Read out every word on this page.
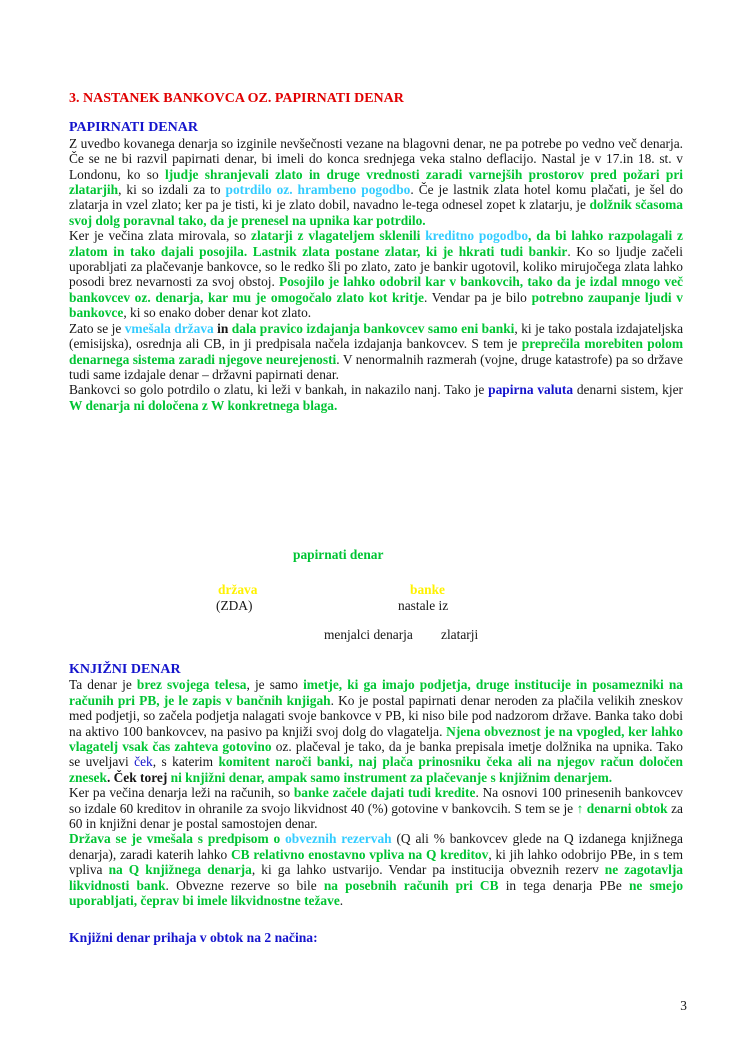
3. NASTANEK BANKOVCA OZ. PAPIRNATI DENAR
PAPIRNATI DENAR

Z uvedbo kovanega denarja so izginile nevšečnosti vezane na blagovni denar, ne pa potrebe po vedno več denarja. Če se ne bi razvil papirnati denar, bi imeli do konca srednjega veka stalno deflacijo. Nastal je v 17.in 18. st. v Londonu, ko so ljudje shranjevali zlato in druge vrednosti zaradi varnejših prostorov pred požari pri zlatarjih, ki so izdali za to potrdilo oz. hrambeno pogodbo. Če je lastnik zlata hotel komu plačati, je šel do zlatarja in vzel zlato; ker pa je tisti, ki je zlato dobil, navadno le-tega odnesel zopet k zlatarju, je dolžnik sčasoma svoj dolg poravnal tako, da je prenesel na upnika kar potrdilo.

Ker je večina zlata mirovala, so zlatarji z vlagateljem sklenili kreditno pogodbo, da bi lahko razpolagali z zlatom in tako dajali posojila. Lastnik zlata postane zlatar, ki je hkrati tudi bankir. Ko so ljudje začeli uporabljati za plačevanje bankovce, so le redko šli po zlato, zato je bankir ugotovil, koliko mirujočega zlata lahko posodi brez nevarnosti za svoj obstoj. Posojilo je lahko odobril kar v bankovcih, tako da je izdal mnogo več bankovcev oz. denarja, kar mu je omogočalo zlato kot kritje. Vendar pa je bilo potrebno zaupanje ljudi v bankovce, ki so enako dober denar kot zlato.

Zato se je vmešala država in dala pravico izdajanja bankovcev samo eni banki, ki je tako postala izdajateljska (emisijska), osrednja ali CB, in ji predpisala načela izdajanja bankovcev. S tem je preprečila morebiten polom denarnega sistema zaradi njegove neurejenosti. V nenormalnih razmerah (vojne, druge katastrofe) pa so države tudi same izdajale denar – državni papirnati denar.

Bankovci so golo potrdilo o zlatu, ki leži v bankah, in nakazilo nanj. Tako je papirna valuta denarni sistem, kjer W denarja ni določena z W konkretnega blaga.

papirnati denar
država
(ZDA)
banke
nastale iz
menjalci denarja zlatarji
KNJIŽNI DENAR

Ta denar je brez svojega telesa, je samo imetje, ki ga imajo podjetja, druge institucije in posamezniki na računih pri PB, je le zapis v bančnih knjigah. Ko je postal papirnati denar neroden za plačila velikih zneskov med podjetji, so začela podjetja nalagati svoje bankovce v PB, ki niso bile pod nadzorom države. Banka tako dobi na aktivo 100 bankovcev, na pasivo pa knjiži svoj dolg do vlagatelja. Njena obveznost je na vpogled, ker lahko vlagatelj vsak čas zahteva gotovino oz. plačeval je tako, da je banka prepisala imetje dolžnika na upnika. Tako se uveljavi ček, s katerim komitent naroči banki, naj plača prinosniku čeka ali na njegov račun določen znesek. Ček torej ni knjižni denar, ampak samo instrument za plačevanje s knjižnim denarjem.

Ker pa večina denarja leži na računih, so banke začele dajati tudi kredite. Na osnovi 100 prinesenih bankovcev so izdale 60 kreditov in ohranile za svojo likvidnost 40 (%) gotovine v bankovcih. S tem se je ↑ denarni obtok za 60 in knjižni denar je postal samostojen denar.

Država se je vmešala s predpisom o obveznih rezervah (Q ali % bankovcev glede na Q izdanega knjižnega denarja), zaradi katerih lahko CB relativno enostavno vpliva na Q kreditov, ki jih lahko odobrijo PBe, in s tem vpliva na Q knjižnega denarja, ki ga lahko ustvarijo. Vendar pa institucija obveznih rezerv ne zagotavlja likvidnosti bank. Obvezne rezerve so bile na posebnih računih pri CB in tega denarja PBe ne smejo uporabljati, čeprav bi imele likvidnostne težave.

Knjižni denar prihaja v obtok na 2 načina:

3
